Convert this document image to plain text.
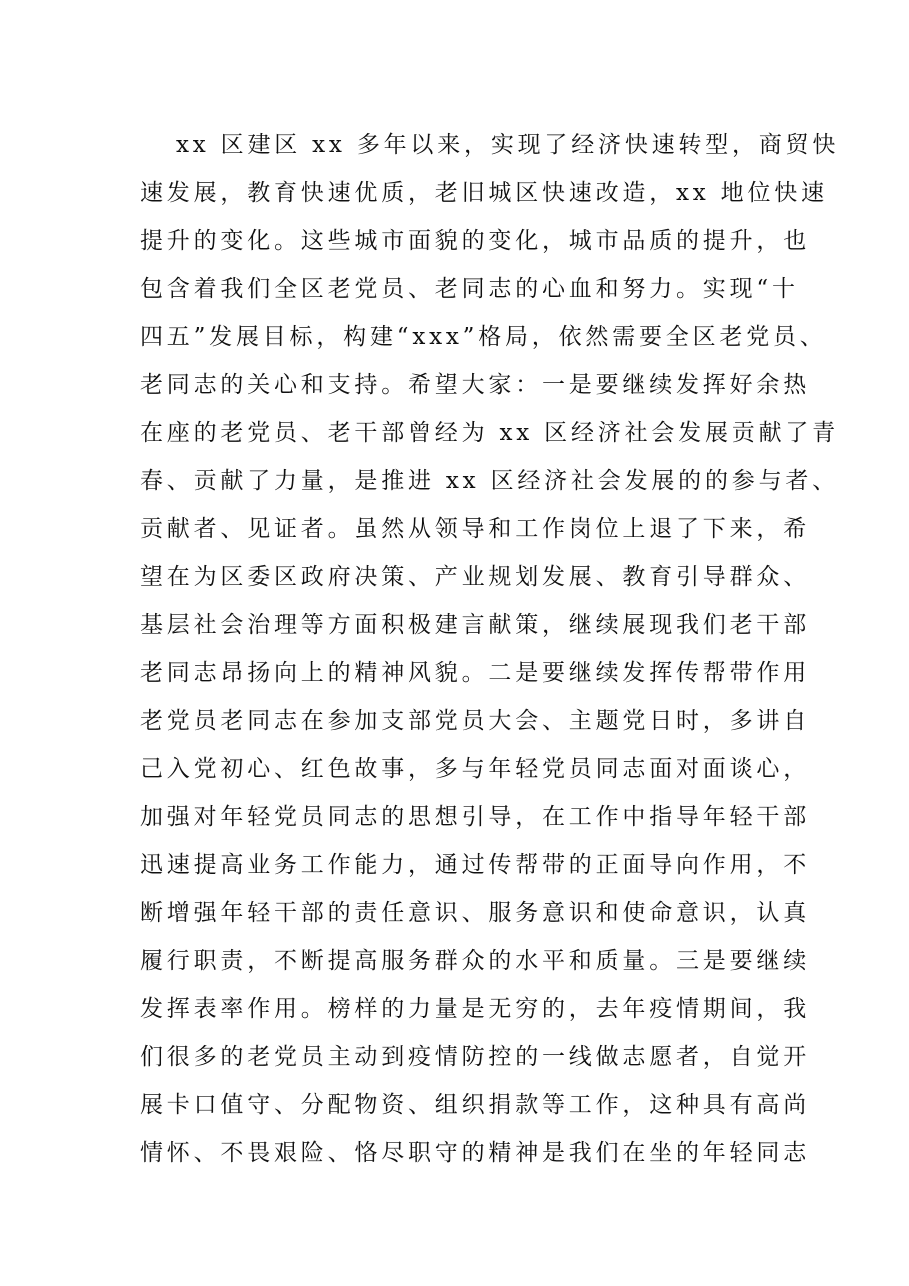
xx 区建区 xx 多年以来，实现了经济快速转型，商贸快
速发展，教育快速优质，老旧城区快速改造，xx 地位快速
提升的变化。这些城市面貌的变化，城市品质的提升，也
包含着我们全区老党员、老同志的心血和努力。实现“十
四五”发展目标，构建“xxx”格局，依然需要全区老党员、
老同志的关心和支持。希望大家：一是要继续发挥好余热
在座的老党员、老干部曾经为 xx 区经济社会发展贡献了青
春、贡献了力量，是推进 xx 区经济社会发展的的参与者、
贡献者、见证者。虽然从领导和工作岗位上退了下来，希
望在为区委区政府决策、产业规划发展、教育引导群众、
基层社会治理等方面积极建言献策，继续展现我们老干部
老同志昂扬向上的精神风貌。二是要继续发挥传帮带作用
老党员老同志在参加支部党员大会、主题党日时，多讲自
己入党初心、红色故事，多与年轻党员同志面对面谈心，
加强对年轻党员同志的思想引导，在工作中指导年轻干部
迅速提高业务工作能力，通过传帮带的正面导向作用，不
断增强年轻干部的责任意识、服务意识和使命意识，认真
履行职责，不断提高服务群众的水平和质量。三是要继续
发挥表率作用。榜样的力量是无穷的，去年疫情期间，我
们很多的老党员主动到疫情防控的一线做志愿者，自觉开
展卡口值守、分配物资、组织捐款等工作，这种具有高尚
情怀、不畏艰险、恪尽职守的精神是我们在坐的年轻同志
